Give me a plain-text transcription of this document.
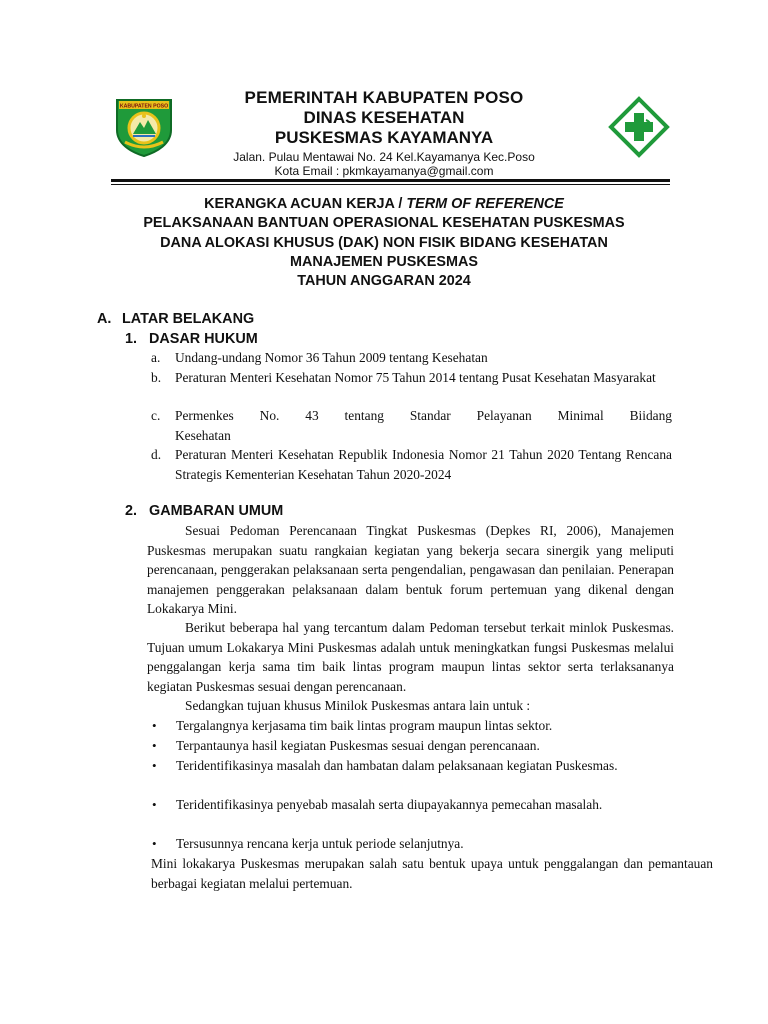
KABUPATEN POSO	PEMERINTAH KABUPATEN POSO
DINAS KESEHATAN
PUSKESMAS KAYAMANYA
Jalan. Pulau Mentawai No. 24 Kel.Kayamanya Kec.Poso
Kota Email : pkmkayamanya@gmail.com
KERANGKA ACUAN KERJA / TERM OF REFERENCE
PELAKSANAAN BANTUAN OPERASIONAL KESEHATAN PUSKESMAS
DANA ALOKASI KHUSUS (DAK) NON FISIK BIDANG KESEHATAN
MANAJEMEN PUSKESMAS
TAHUN ANGGARAN 2024
A. LATAR BELAKANG
1. DASAR HUKUM
a. Undang-undang Nomor 36 Tahun 2009 tentang Kesehatan
b. Peraturan Menteri Kesehatan Nomor 75 Tahun 2014 tentang Pusat Kesehatan Masyarakat
c. Permenkes No. 43 tentang Standar Pelayanan Minimal Biidang
Kesehatan
d. Peraturan Menteri Kesehatan Republik Indonesia Nomor 21 Tahun 2020 Tentang Rencana Strategis Kementerian Kesehatan Tahun 2020-2024
2. GAMBARAN UMUM
Sesuai Pedoman Perencanaan Tingkat Puskesmas (Depkes RI, 2006), Manajemen Puskesmas merupakan suatu rangkaian kegiatan yang bekerja secara sinergik yang meliputi perencanaan, penggerakan pelaksanaan serta pengendalian, pengawasan dan penilaian. Penerapan manajemen penggerakan pelaksanaan dalam bentuk forum pertemuan yang dikenal dengan Lokakarya Mini.
Berikut beberapa hal yang tercantum dalam Pedoman tersebut terkait minlok Puskesmas. Tujuan umum Lokakarya Mini Puskesmas adalah untuk meningkatkan fungsi Puskesmas melalui penggalangan kerja sama tim baik lintas program maupun lintas sektor serta terlaksananya kegiatan Puskesmas sesuai dengan perencanaan.
Sedangkan tujuan khusus Minilok Puskesmas antara lain untuk :
• Tergalangnya kerjasama tim baik lintas program maupun lintas sektor.
• Terpantaunya hasil kegiatan Puskesmas sesuai dengan perencanaan.
• Teridentifikasinya masalah dan hambatan dalam pelaksanaan kegiatan Puskesmas.
• Teridentifikasinya penyebab masalah serta diupayakannya pemecahan masalah.
• Tersusunnya rencana kerja untuk periode selanjutnya.
Mini lokakarya Puskesmas merupakan salah satu bentuk upaya untuk penggalangan dan pemantauan berbagai kegiatan melalui pertemuan.
